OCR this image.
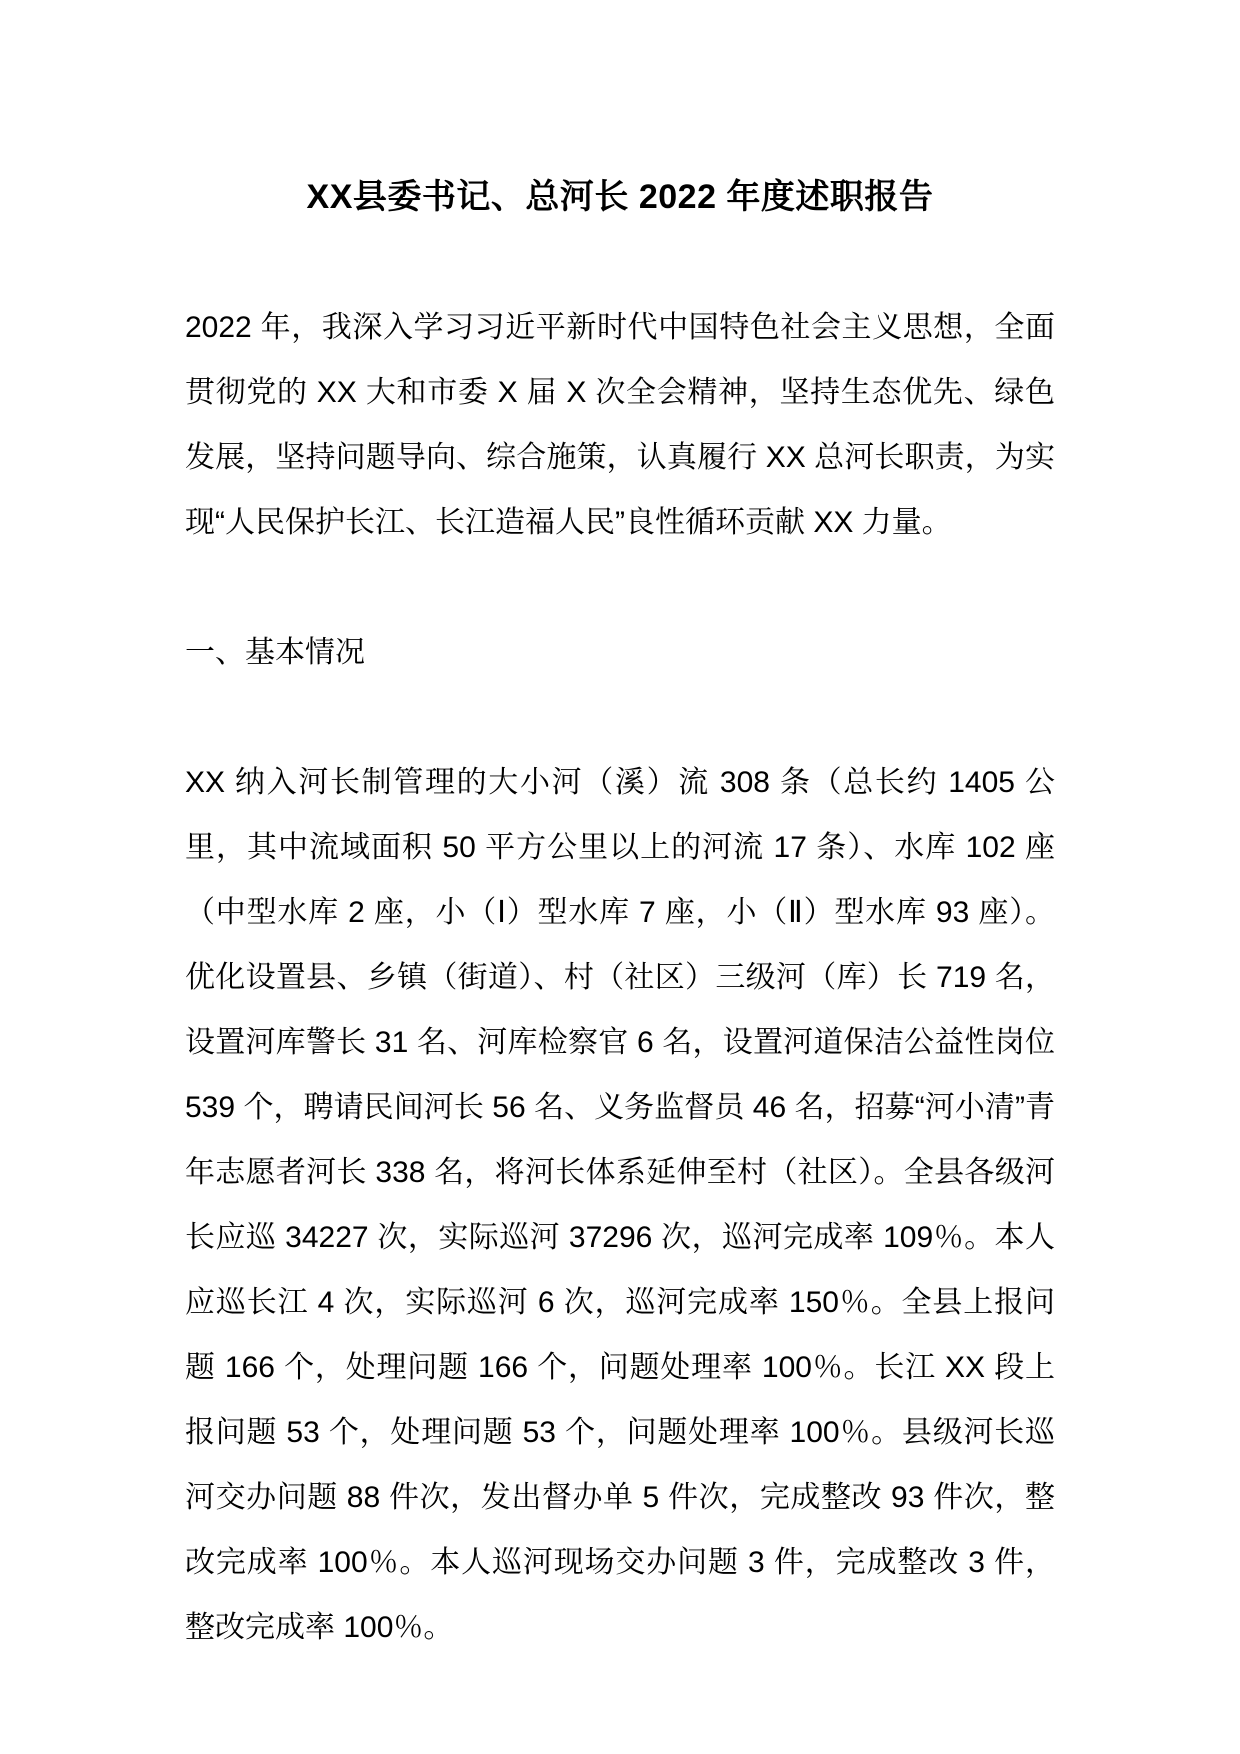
XX县委书记、总河长 2022 年度述职报告

2022 年，我深入学习习近平新时代中国特色社会主义思想，全面贯彻党的 XX 大和市委 X 届 X 次全会精神，坚持生态优先、绿色发展，坚持问题导向、综合施策，认真履行 XX 总河长职责，为实现“人民保护长江、长江造福人民”良性循环贡献 XX 力量。

一、基本情况

XX 纳入河长制管理的大小河（溪）流 308 条（总长约 1405 公里，其中流域面积 50 平方公里以上的河流 17 条）、水库 102 座（中型水库 2 座，小（Ⅰ）型水库 7 座，小（Ⅱ）型水库 93 座）。优化设置县、乡镇（街道）、村（社区）三级河（库）长 719 名，设置河库警长 31 名、河库检察官 6 名，设置河道保洁公益性岗位 539 个，聘请民间河长 56 名、义务监督员 46 名，招募“河小清”青年志愿者河长 338 名，将河长体系延伸至村（社区）。全县各级河长应巡 34227 次，实际巡河 37296 次，巡河完成率 109％。本人应巡长江 4 次，实际巡河 6 次，巡河完成率 150％。全县上报问题 166 个，处理问题 166 个，问题处理率 100％。长江 XX 段上报问题 53 个，处理问题 53 个，问题处理率 100％。县级河长巡河交办问题 88 件次，发出督办单 5 件次，完成整改 93 件次，整改完成率 100％。本人巡河现场交办问题 3 件，完成整改 3 件，整改完成率 100％。
